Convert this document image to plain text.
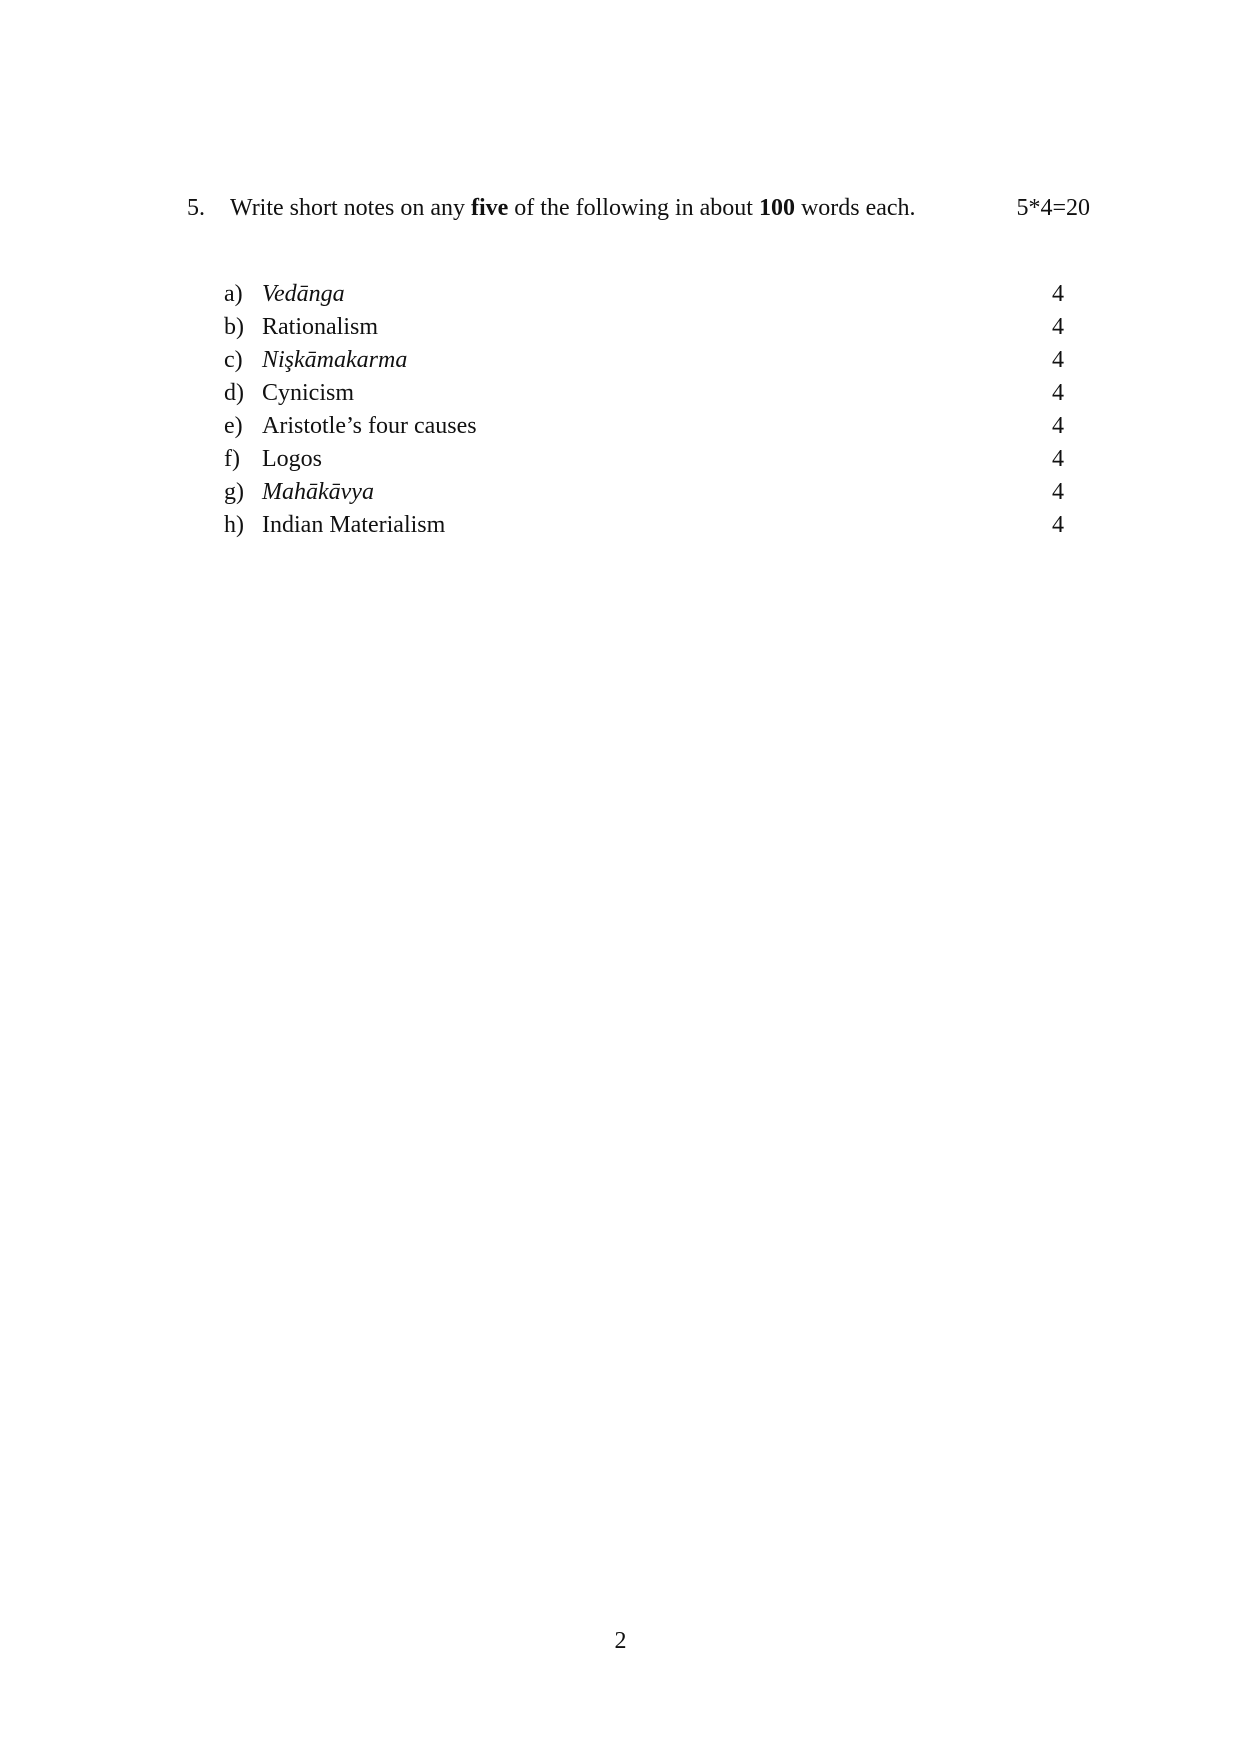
5. Write short notes on any five of the following in about 100 words each.	5*4=20
a) Vedānga	4
b) Rationalism	4
c) Nişkāmakarma	4
d) Cynicism	4
e) Aristotle’s four causes	4
f) Logos	4
g) Mahākāvya	4
h) Indian Materialism	4
2
